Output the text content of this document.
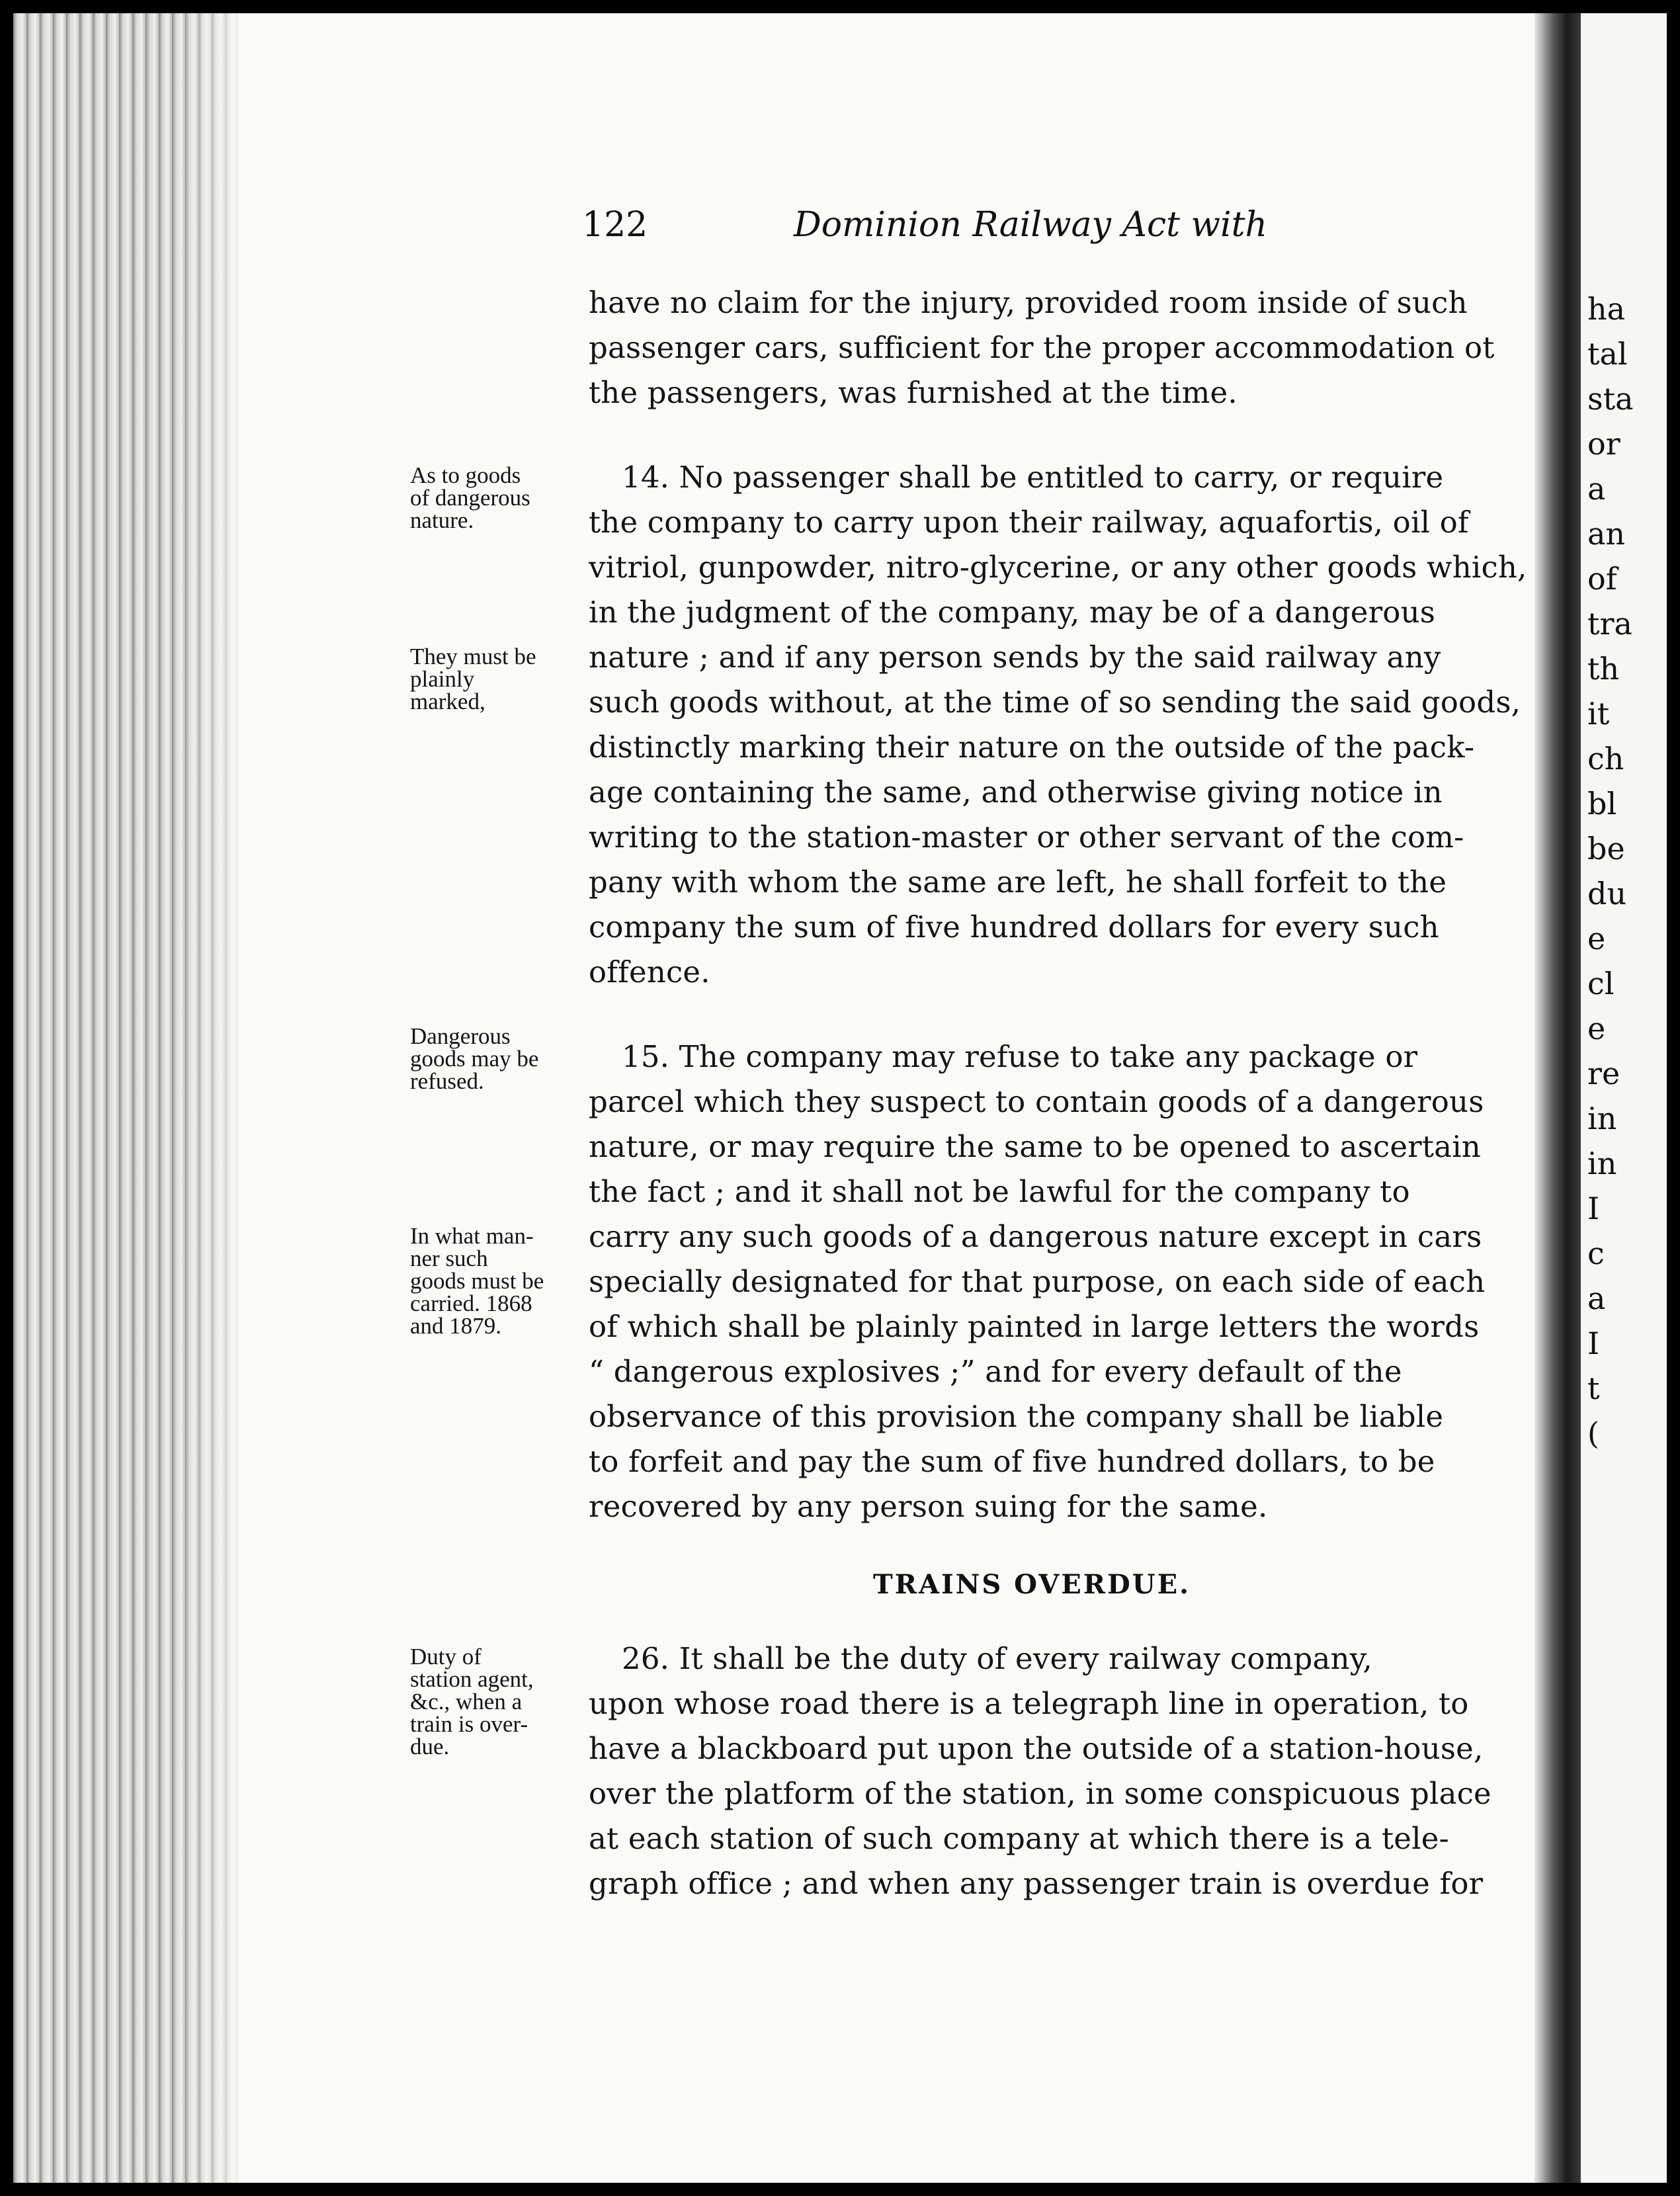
ha
tal
sta
or
a
an
of
tra
th
it
ch
bl
be
du
e
cl
e
re
in
in
I
c
a
I
t
(
122	Dominion Railway Act with
have no claim for the injury, provided room inside of such
passenger cars, sufficient for the proper accommodation ot
the passengers, was furnished at the time.
14. No passenger shall be entitled to carry, or require
the company to carry upon their railway, aquafortis, oil of
vitriol, gunpowder, nitro-glycerine, or any other goods which,
in the judgment of the company, may be of a dangerous
nature ; and if any person sends by the said railway any
such goods without, at the time of so sending the said goods,
distinctly marking their nature on the outside of the pack-
age containing the same, and otherwise giving notice in
writing to the station-master or other servant of the com-
pany with whom the same are left, he shall forfeit to the
company the sum of five hundred dollars for every such
offence.
15. The company may refuse to take any package or
parcel which they suspect to contain goods of a dangerous
nature, or may require the same to be opened to ascertain
the fact ; and it shall not be lawful for the company to
carry any such goods of a dangerous nature except in cars
specially designated for that purpose, on each side of each
of which shall be plainly painted in large letters the words
“ dangerous explosives ;” and for every default of the
observance of this provision the company shall be liable
to forfeit and pay the sum of five hundred dollars, to be
recovered by any person suing for the same.
TRAINS OVERDUE.
26. It shall be the duty of every railway company,
upon whose road there is a telegraph line in operation, to
have a blackboard put upon the outside of a station-house,
over the platform of the station, in some conspicuous place
at each station of such company at which there is a tele-
graph office ; and when any passenger train is overdue for
As to goods
of dangerous
nature.
They must be
plainly
marked,
Dangerous
goods may be
refused.
In what man-
ner such
goods must be
carried. 1868
and 1879.
Duty of
station agent,
&c., when a
train is over-
due.
